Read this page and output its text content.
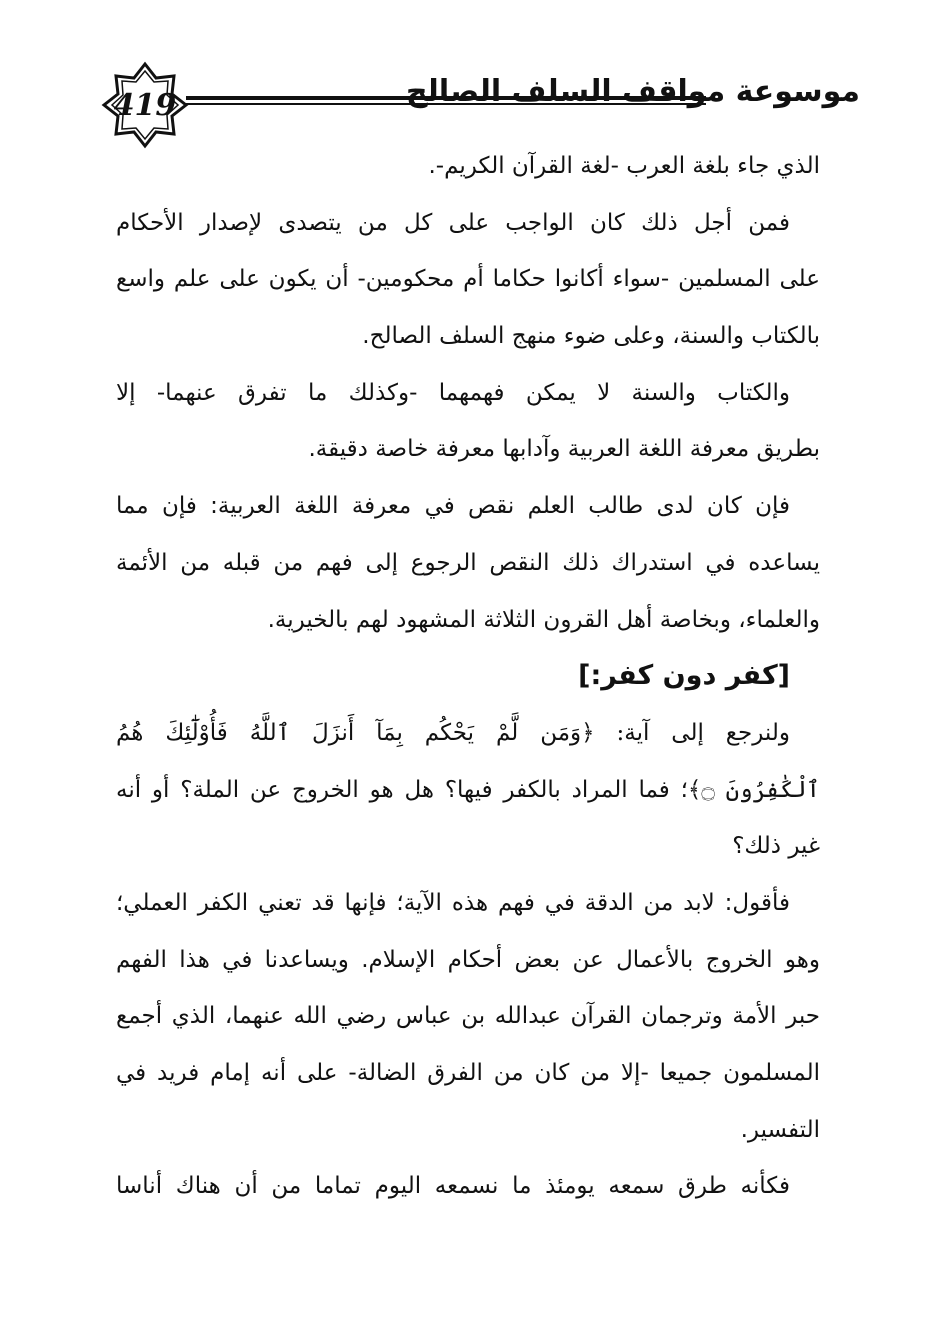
419	موسوعة مواقف السلف الصالح
الذي جاء بلغة العرب -لغة القرآن الكريم-.
فمن أجل ذلك كان الواجب على كل من يتصدى لإصدار الأحكام
على المسلمين -سواء أكانوا حكاما أم محكومين- أن يكون على علم واسع
بالكتاب والسنة، وعلى ضوء منهج السلف الصالح.
والكتاب والسنة لا يمكن فهمهما -وكذلك ما تفرق عنهما- إلا
بطريق معرفة اللغة العربية وآدابها معرفة خاصة دقيقة.
فإن كان لدى طالب العلم نقص في معرفة اللغة العربية: فإن مما
يساعده في استدراك ذلك النقص الرجوع إلى فهم من قبله من الأئمة
والعلماء، وبخاصة أهل القرون الثلاثة المشهود لهم بالخيرية.
[كفر دون كفر:]
ولنرجع إلى آية: ﴿وَمَن لَّمْ يَحْكُم بِمَآ أَنزَلَ ٱللَّهُ فَأُوْلَٰٓئِكَ هُمُ
ٱلْكَٰفِرُونَ ۝﴾؛ فما المراد بالكفر فيها؟ هل هو الخروج عن الملة؟ أو أنه
غير ذلك؟
فأقول: لابد من الدقة في فهم هذه الآية؛ فإنها قد تعني الكفر العملي؛
وهو الخروج بالأعمال عن بعض أحكام الإسلام. ويساعدنا في هذا الفهم
حبر الأمة وترجمان القرآن عبدالله بن عباس رضي الله عنهما، الذي أجمع
المسلمون جميعا -إلا من كان من الفرق الضالة- على أنه إمام فريد في
التفسير.
فكأنه طرق سمعه يومئذ ما نسمعه اليوم تماما من أن هناك أناسا
